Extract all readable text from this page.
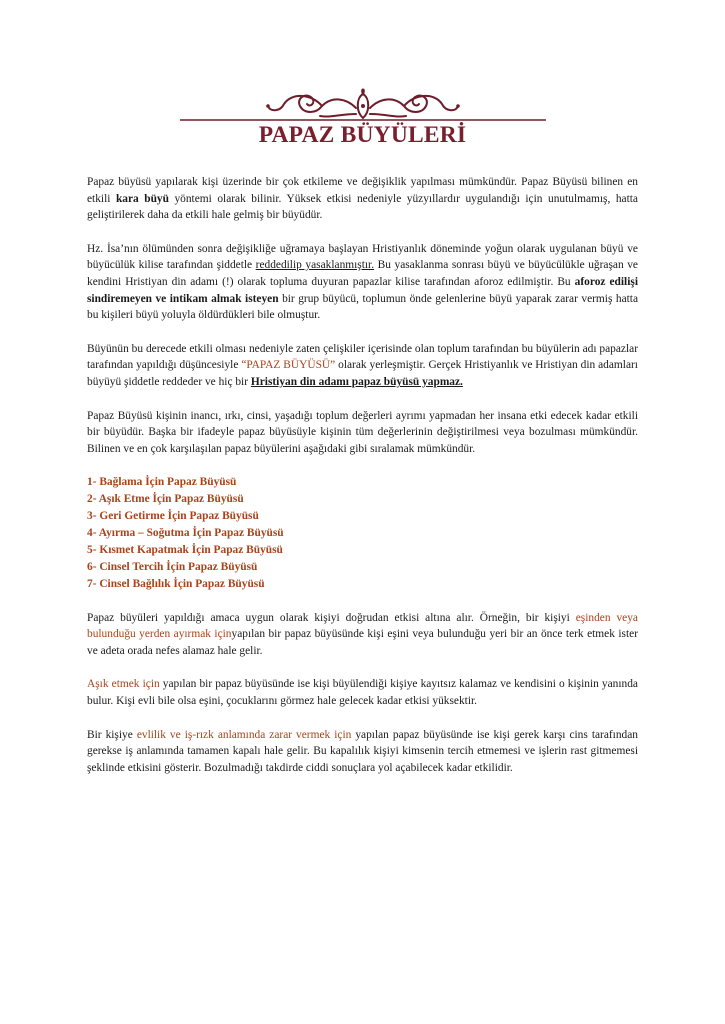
PAPAZ BÜYÜLERİ

Papaz büyüsü yapılarak kişi üzerinde bir çok etkileme ve değişiklik yapılması mümkündür. Papaz Büyüsü bilinen en etkili kara büyü yöntemi olarak bilinir. Yüksek etkisi nedeniyle yüzyıllardır uygulandığı için unutulmamış, hatta geliştirilerek daha da etkili hale gelmiş bir büyüdür.

Hz. İsa’nın ölümünden sonra değişikliğe uğramaya başlayan Hristiyanlık döneminde yoğun olarak uygulanan büyü ve büyücülük kilise tarafından şiddetle reddedilip yasaklanmıştır. Bu yasaklanma sonrası büyü ve büyücülükle uğraşan ve kendini Hristiyan din adamı (!) olarak topluma duyuran papazlar kilise tarafından aforoz edilmiştir. Bu aforoz edilişi sindiremeyen ve intikam almak isteyen bir grup büyücü, toplumun önde gelenlerine büyü yaparak zarar vermiş hatta bu kişileri büyü yoluyla öldürdükleri bile olmuştur.

Büyünün bu derecede etkili olması nedeniyle zaten çelişkiler içerisinde olan toplum tarafından bu büyülerin adı papazlar tarafından yapıldığı düşüncesiyle “PAPAZ BÜYÜSÜ” olarak yerleşmiştir. Gerçek Hristiyanlık ve Hristiyan din adamları büyüyü şiddetle reddeder ve hiç bir Hristiyan din adamı papaz büyüsü yapmaz.

Papaz Büyüsü kişinin inancı, ırkı, cinsi, yaşadığı toplum değerleri ayrımı yapmadan her insana etki edecek kadar etkili bir büyüdür. Başka bir ifadeyle papaz büyüsüyle kişinin tüm değerlerinin değiştirilmesi veya bozulması mümkündür. Bilinen ve en çok karşılaşılan papaz büyülerini aşağıdaki gibi sıralamak mümkündür.

1- Bağlama İçin Papaz Büyüsü
2- Aşık Etme İçin Papaz Büyüsü
3- Geri Getirme İçin Papaz Büyüsü
4- Ayırma – Soğutma İçin Papaz Büyüsü
5- Kısmet Kapatmak İçin Papaz Büyüsü
6- Cinsel Tercih İçin Papaz Büyüsü
7- Cinsel Bağlılık İçin Papaz Büyüsü

Papaz büyüleri yapıldığı amaca uygun olarak kişiyi doğrudan etkisi altına alır. Örneğin, bir kişiyi eşinden veya bulunduğu yerden ayırmak içinyapılan bir papaz büyüsünde kişi eşini veya bulunduğu yeri bir an önce terk etmek ister ve adeta orada nefes alamaz hale gelir.

Aşık etmek için yapılan bir papaz büyüsünde ise kişi büyülendiği kişiye kayıtsız kalamaz ve kendisini o kişinin yanında bulur. Kişi evli bile olsa eşini, çocuklarını görmez hale gelecek kadar etkisi yüksektir.

Bir kişiye evlilik ve iş-rızk anlamında zarar vermek için yapılan papaz büyüsünde ise kişi gerek karşı cins tarafından gerekse iş anlamında tamamen kapalı hale gelir. Bu kapalılık kişiyi kimsenin tercih etmemesi ve işlerin rast gitmemesi şeklinde etkisini gösterir. Bozulmadığı takdirde ciddi sonuçlara yol açabilecek kadar etkilidir.
